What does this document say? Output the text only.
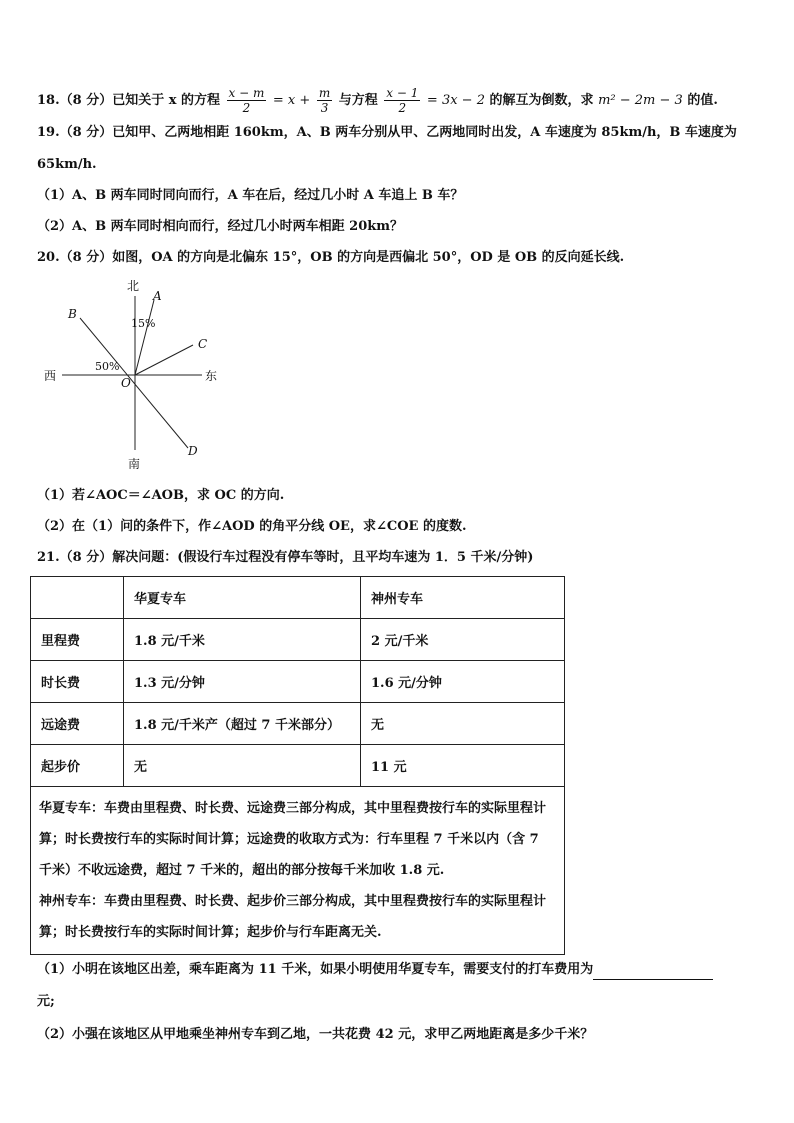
18.（8 分）已知关于 x 的方程 $\frac{x - m}{2} = x + \frac{m}{3}$ 与方程 $\frac{x - 1}{2} = 3x - 2$ 的解互为倒数，求 m² − 2m − 3 的值.
19.（8 分）已知甲、乙两地相距 160km，A、B 两车分别从甲、乙两地同时出发，A 车速度为 85km/h，B 车速度为
65km/h.
（1）A、B 两车同时同向而行，A 车在后，经过几小时 A 车追上 B 车？
（2）A、B 两车同时相向而行，经过几小时两车相距 20km？
20.（8 分）如图，OA 的方向是北偏东 15°，OB 的方向是西偏北 50°，OD 是 OB 的反向延长线.
北
南
东
西
A
B
C
D
O
15%
50%
（1）若∠AOC＝∠AOB，求 OC 的方向.
（2）在（1）问的条件下，作∠AOD 的角平分线 OE，求∠COE 的度数.
21.（8 分）解决问题：(假设行车过程没有停车等时，且平均车速为 1．5 千米/分钟)
	华夏专车	神州专车
里程费	1.8 元/千米	2 元/千米
时长费	1.3 元/分钟	1.6 元/分钟
远途费	1.8 元/千米产（超过 7 千米部分）	无
起步价	无	11 元

华夏专车：车费由里程费、时长费、远途费三部分构成，其中里程费按行车的实际里程计算；时长费按行车的实际时间计算；远途费的收取方式为：行车里程 7 千米以内（含 7 千米）不收远途费，超过 7 千米的，超出的部分按每千米加收 1.8 元.
神州专车：车费由里程费、时长费、起步价三部分构成，其中里程费按行车的实际里程计算；时长费按行车的实际时间计算；起步价与行车距离无关.		
（1）小明在该地区出差，乘车距离为 11 千米，如果小明使用华夏专车，需要支付的打车费用为
元;
（2）小强在该地区从甲地乘坐神州专车到乙地，一共花费 42 元，求甲乙两地距离是多少千米？
